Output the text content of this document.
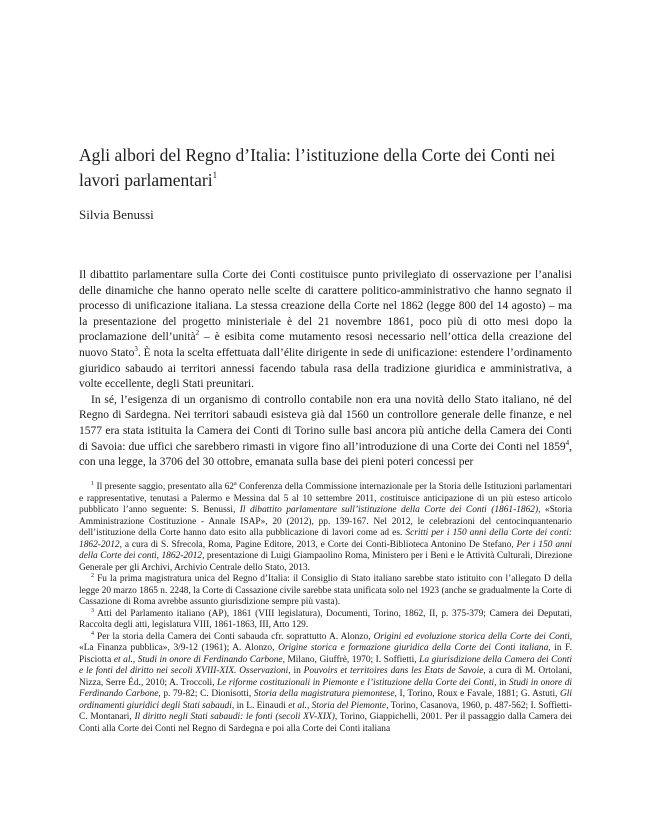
Agli albori del Regno d’Italia: l’istituzione della Corte dei Conti nei lavori parlamentari$^1$
Silvia Benussi

Il dibattito parlamentare sulla Corte dei Conti costituisce punto privilegiato di osservazione per l’analisi delle dinamiche che hanno operato nelle scelte di carattere politico-amministrativo che hanno segnato il processo di unificazione italiana. La stessa creazione della Corte nel 1862 (legge 800 del 14 agosto) – ma la presentazione del progetto ministeriale è del 21 novembre 1861, poco più di otto mesi dopo la proclamazione dell’unità$^2$ – è esibita come mutamento resosi necessario nell’ottica della creazione del nuovo Stato$^3$. È nota la scelta effettuata dall’élite dirigente in sede di unificazione: estendere l’ordinamento giuridico sabaudo ai territori annessi facendo tabula rasa della tradizione giuridica e amministrativa, a volte eccellente, degli Stati preunitari.

In sé, l’esigenza di un organismo di controllo contabile non era una novità dello Stato italiano, né del Regno di Sardegna. Nei territori sabaudi esisteva già dal 1560 un controllore generale delle finanze, e nel 1577 era stata istituita la Camera dei Conti di Torino sulle basi ancora più antiche della Camera dei Conti di Savoia: due uffici che sarebbero rimasti in vigore fino all’introduzione di una Corte dei Conti nel 1859$^4$, con una legge, la 3706 del 30 ottobre, emanata sulla base dei pieni poteri concessi per

$^1$ Il presente saggio, presentato alla 62$^a$ Conferenza della Commissione internazionale per la Storia delle Istituzioni parlamentari e rappresentative, tenutasi a Palermo e Messina dal 5 al 10 settembre 2011, costituisce anticipazione di un più esteso articolo pubblicato l’anno seguente: S. Benussi, Il dibattito parlamentare sull’istituzione della Corte dei Conti (1861-1862), «Storia Amministrazione Costituzione - Annale ISAP», 20 (2012), pp. 139-167. Nel 2012, le celebrazioni del centocinquantenario dell’istituzione della Corte hanno dato esito alla pubblicazione di lavori come ad es. Scritti per i 150 anni della Corte dei conti: 1862-2012, a cura di S. Sfrecola, Roma, Pagine Editore, 2013, e Corte dei Conti-Biblioteca Antonino De Stefano, Per i 150 anni della Corte dei conti, 1862-2012, presentazione di Luigi Giampaolino Roma, Ministero per i Beni e le Attività Culturali, Direzione Generale per gli Archivi, Archivio Centrale dello Stato, 2013.

$^2$ Fu la prima magistratura unica del Regno d’Italia: il Consiglio di Stato italiano sarebbe stato istituito con l’allegato D della legge 20 marzo 1865 n. 2248, la Corte di Cassazione civile sarebbe stata unificata solo nel 1923 (anche se gradualmente la Corte di Cassazione di Roma avrebbe assunto giurisdizione sempre più vasta).

$^3$ Atti del Parlamento italiano (AP), 1861 (VIII legislatura), Documenti, Torino, 1862, II, p. 375-379; Camera dei Deputati, Raccolta degli atti, legislatura VIII, 1861-1863, III, Atto 129.

$^4$ Per la storia della Camera dei Conti sabauda cfr. soprattutto A. Alonzo, Origini ed evoluzione storica della Corte dei Conti, «La Finanza pubblica», 3/9-12 (1961); A. Alonzo, Origine storica e formazione giuridica della Corte dei Conti italiana, in F. Pisciotta et al., Studi in onore di Ferdinando Carbone, Milano, Giuffrè, 1970; I. Soffietti, La giurisdizione della Camera dei Conti e le fonti del diritto nei secoli XVIII-XIX. Osservazioni, in Pouvoirs et territoires dans les Etats de Savoie, a cura di M. Ortolani, Nizza, Serre Éd., 2010; A. Troccoli, Le riforme costituzionali in Piemonte e l’istituzione della Corte dei Conti, in Studi in onore di Ferdinando Carbone, p. 79-82; C. Dionisotti, Storia della magistratura piemontese, I, Torino, Roux e Favale, 1881; G. Astuti, Gli ordinamenti giuridici degli Stati sabaudi, in L. Einaudi et al., Storia del Piemonte, Torino, Casanova, 1960, p. 487-562; I. Soffietti-C. Montanari, Il diritto negli Stati sabaudi: le fonti (secoli XV-XIX), Torino, Giappichelli, 2001. Per il passaggio dalla Camera dei Conti alla Corte dei Conti nel Regno di Sardegna e poi alla Corte dei Conti italiana
